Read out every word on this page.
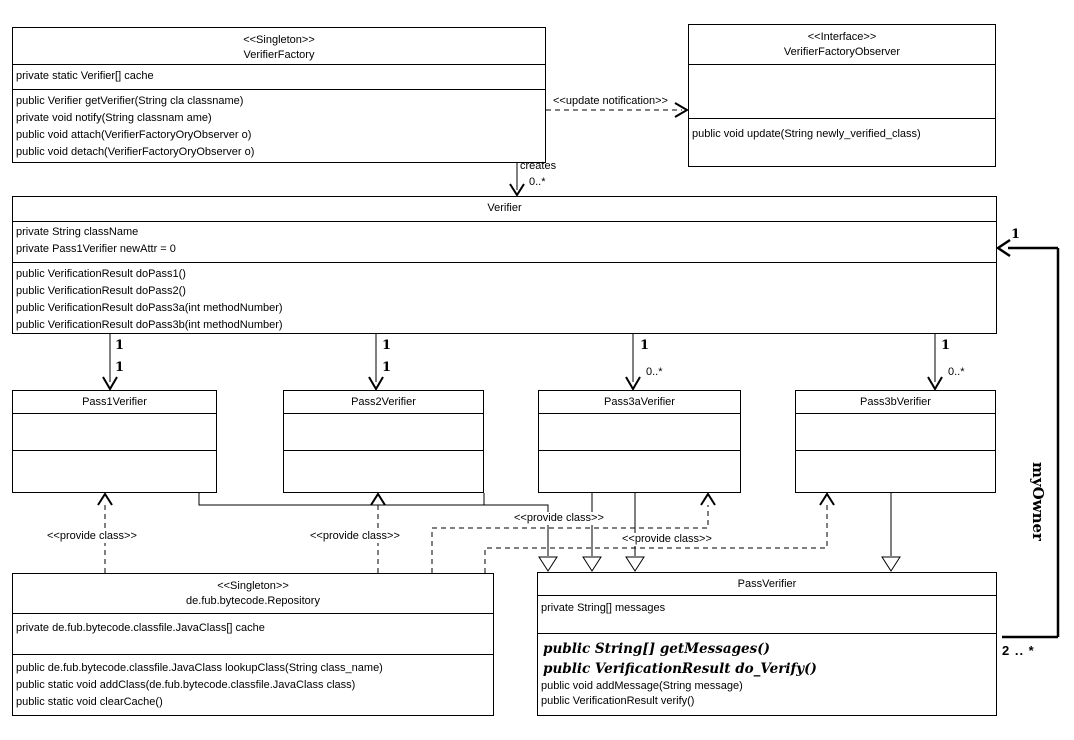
<<Singleton>>
VerifierFactory
private static Verifier[] cache
public Verifier getVerifier(String cla classname)
private void notify(String classnam ame)
public void attach(VerifierFactoryOryObserver o)
public void detach(VerifierFactoryOryObserver o)
<<Interface>>
VerifierFactoryObserver
public void update(String newly_verified_class)
Verifier
private String className
private Pass1Verifier newAttr = 0
public VerificationResult doPass1()
public VerificationResult doPass2()
public VerificationResult doPass3a(int methodNumber)
public VerificationResult doPass3b(int methodNumber)
Pass1Verifier	Pass2Verifier	Pass3aVerifier	Pass3bVerifier
<<Singleton>>
de.fub.bytecode.Repository
private de.fub.bytecode.classfile.JavaClass[] cache
public de.fub.bytecode.classfile.JavaClass lookupClass(String class_name)
public static void addClass(de.fub.bytecode.classfile.JavaClass class)
public static void clearCache()
PassVerifier
private String[] messages
public String[] getMessages()
public VerificationResult do_Verify()
public void addMessage(String message)
public VerificationResult verify()
<<update notification>>
creates
0..*
1
1
1
1
1
0..*
1
0..*
<<provide class>>	<<provide class>>
<<provide class>>
<<provide class>>
1
myOwner
2 .. *
